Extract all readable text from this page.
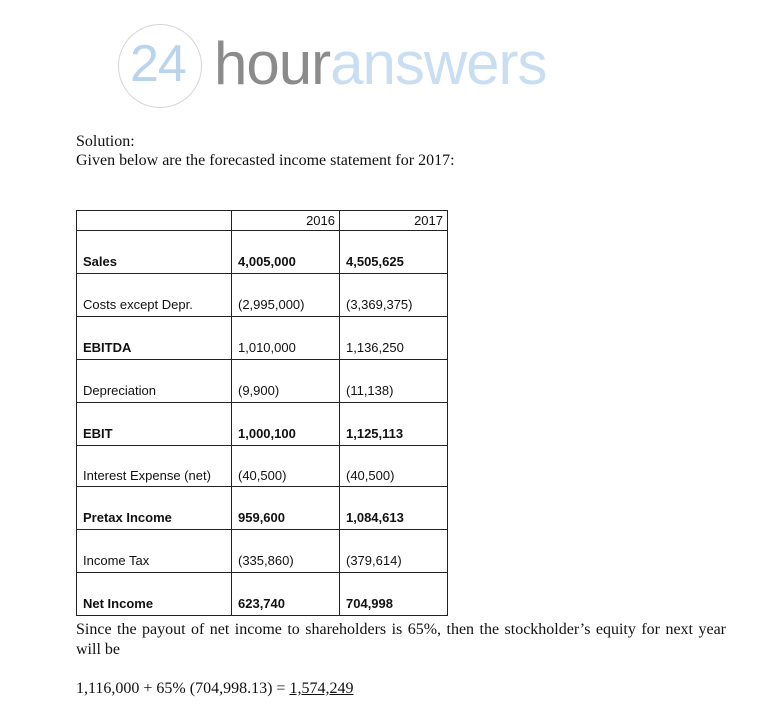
24 houranswers
Solution:
Given below are the forecasted income statement for 2017:
	2016	2017
Sales	4,005,000	4,505,625
Costs except Depr.	(2,995,000)	(3,369,375)
EBITDA	1,010,000	1,136,250
Depreciation	(9,900)	(11,138)
EBIT	1,000,100	1,125,113
Interest Expense (net)	(40,500)	(40,500)
Pretax Income	959,600	1,084,613
Income Tax	(335,860)	(379,614)
Net Income	623,740	704,998
Since the payout of net income to shareholders is 65%, then the stockholder’s equity for next year will be
1,116,000 + 65% (704,998.13) = 1,574,249
